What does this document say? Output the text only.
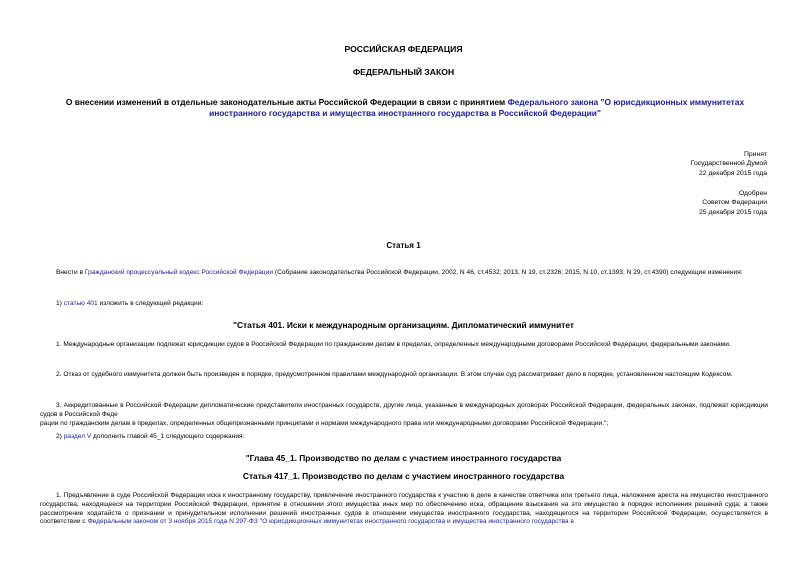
РОССИЙСКАЯ ФЕДЕРАЦИЯ
ФЕДЕРАЛЬНЫЙ ЗАКОН
О внесении изменений в отдельные законодательные акты Российской Федерации в связи с принятием Федерального закона "О юрисдикционных иммунитетах иностранного государства и имущества иностранного государства в Российской Федерации"
Принят
Государственной Думой
22 декабря 2015 года
Одобрен
Советом Федерации
25 декабря 2015 года
Статья 1
Внести в Гражданский процессуальный кодекс Российской Федерации (Собрание законодательства Российской Федерации, 2002, N 46, ст.4532; 2013, N 19, ст.2326; 2015, N 10, ст.1393; N 29, ст.4390) следующие изменения:
1) статью 401 изложить в следующей редакции:
"Статья 401. Иски к международным организациям. Дипломатический иммунитет
1. Международные организации подлежат юрисдикции судов в Российской Федерации по гражданским делам в пределах, определенных международными договорами Российской Федерации, федеральными законами.
2. Отказ от судебного иммунитета должен быть произведен в порядке, предусмотренном правилами международной организации. В этом случае суд рассматривает дело в порядке, установленном настоящим Кодексом.
3. Аккредитованные в Российской Федерации дипломатические представители иностранных государств, другие лица, указанные в международных договорах Российской Федерации, федеральных законах, подлежат юрисдикции судов в Российской Феде
рации по гражданским делам в пределах, определенных общепризнанными принципами и нормами международного права или международными договорами Российской Федерации.";
2) раздел V дополнить главой 45_1 следующего содержания:
"Глава 45_1. Производство по делам с участием иностранного государства
Статья 417_1. Производство по делам с участием иностранного государства
1. Предъявление в суде Российской Федерации иска к иностранному государству, привлечение иностранного государства к участию в деле в качестве ответчика или третьего лица, наложение ареста на имущество иностранного государства, находящееся на территории Российской Федерации, принятие в отношении этого имущества иных мер по обеспечению иска, обращение взыскания на это имущество в порядке исполнения решений суда, а также рассмотрение ходатайств о признании и принудительном исполнении решений иностранных судов в отношении имущества иностранного государства, находящегося на территории Российской Федерации, осуществляется в соответствии с Федеральным законом от 3 ноября 2015 года N 297-ФЗ "О юрисдикционных иммунитетах иностранного государства и имущества иностранного государства в
